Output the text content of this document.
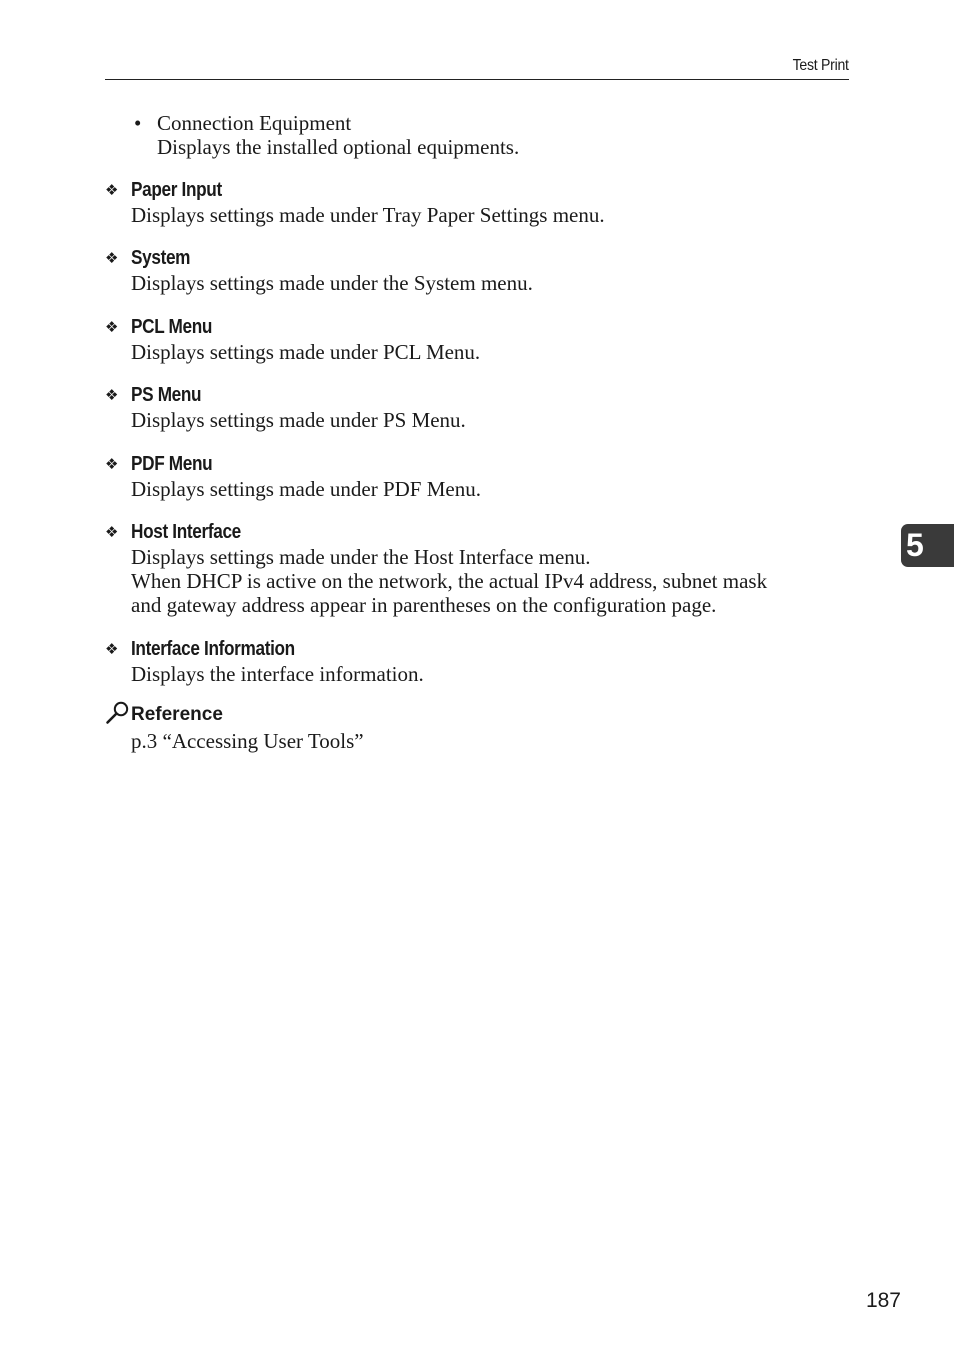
Test Print
• Connection Equipment
Displays the installed optional equipments.
❖ Paper Input
Displays settings made under Tray Paper Settings menu.
❖ System
Displays settings made under the System menu.
❖ PCL Menu
Displays settings made under PCL Menu.
❖ PS Menu
Displays settings made under PS Menu.
❖ PDF Menu
Displays settings made under PDF Menu.
❖ Host Interface
Displays settings made under the Host Interface menu.
When DHCP is active on the network, the actual IPv4 address, subnet mask
and gateway address appear in parentheses on the configuration page.
❖ Interface Information
Displays the interface information.
Reference
p.3 “Accessing User Tools”
5
187
